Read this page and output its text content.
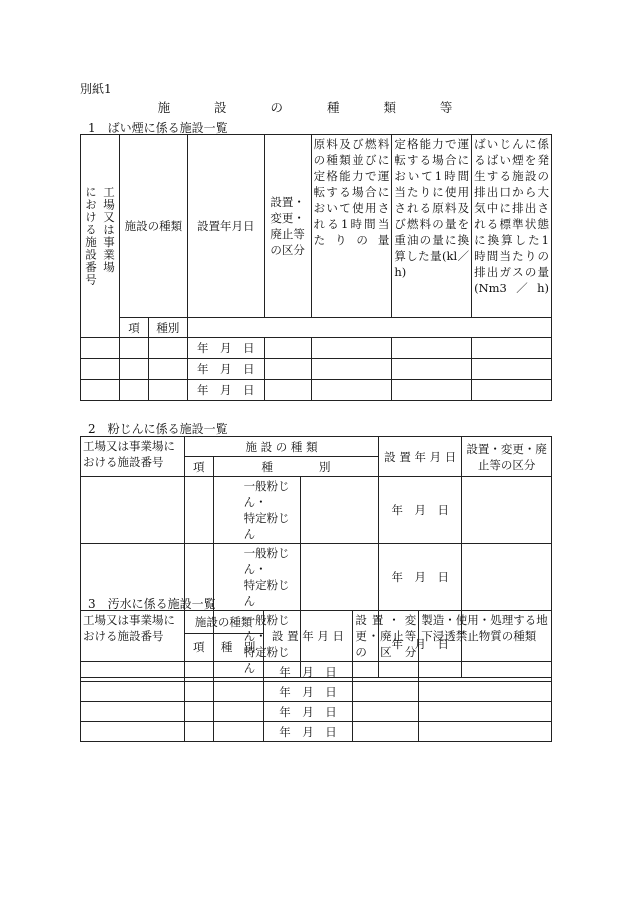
別紙1
施 設 の 種 類 等
1　ばい煙に係る施設一覧
工場又は事業場
における施設番号	施設の種類		設置年月日	設置・変更・廃止等の区分	原料及び燃料の種類並びに定格能力で運転する場合において使用される1時間当たりの量	定格能力で運転する場合において1時間当たりに使用される原料及び燃料の量を重油の量に換算した量(kl／h)	ばいじんに係るばい煙を発生する施設の排出口から大気中に排出される標準状態に換算した1時間当たりの排出ガスの量(Nm3／h)
	項	種別					
			年　月　日				
			年　月　日				
			年　月　日				
2　粉じんに係る施設一覧
工場又は事業場における施設番号	施 設 の 種 類			設 置 年 月 日	設置・変更・廃止等の区分
	項	種　　　　別			
		一般粉じん・
特定粉じん		年　月　日	
		一般粉じん・
特定粉じん		年　月　日	
		一般粉じん・
特定粉じん		年　月　日	
3　汚水に係る施設一覧
工場又は事業場における施設番号	施設の種類		設 置 年 月 日	設置・変更・廃止等の区分	製造・使用・処理する地下浸透禁止物質の種類
	項	種　別			
			年　月　日		
			年　月　日		
			年　月　日		
			年　月　日		
